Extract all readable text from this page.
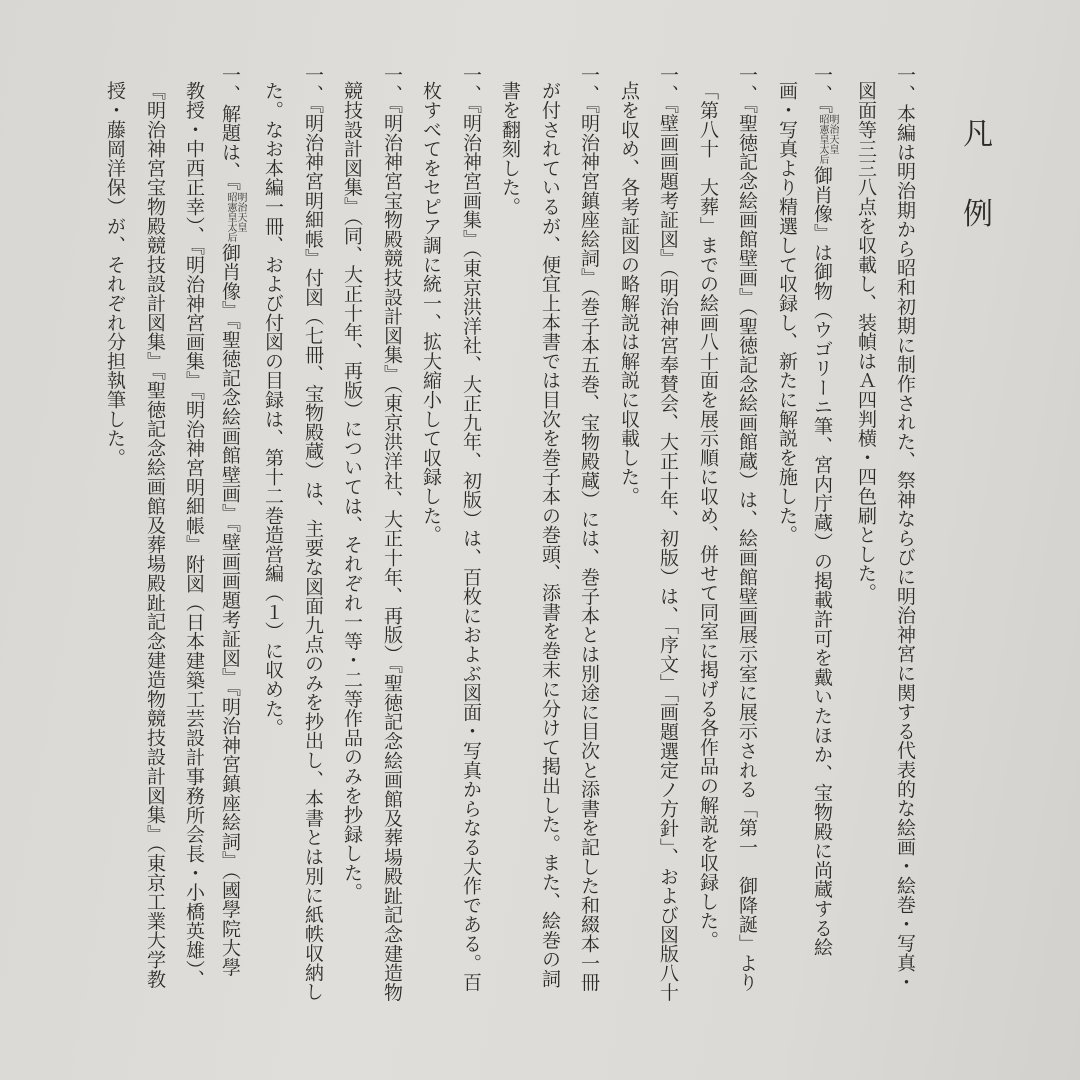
凡
例
一、本編は明治期から昭和初期に制作された、祭神ならびに明治神宮に関する代表的な絵画・絵巻・写真・
図面等三三八点を収載し、装幀はＡ四判横・四色刷とした。
一、『
明治天皇
昭憲皇太后
御肖像』は御物（ウゴリーニ筆、宮内庁蔵）の掲載許可を戴いたほか、宝物殿に尚蔵する絵
画・写真より精選して収録し、新たに解説を施した。
一、『聖徳記念絵画館壁画』（聖徳記念絵画館蔵）は、絵画館壁画展示室に展示される「第一　御降誕」より
「第八十　大葬」までの絵画八十面を展示順に収め、併せて同室に掲げる各作品の解説を収録した。
一、『壁画画題考証図』（明治神宮奉賛会、大正十年、初版）は、「序文」「画題選定ノ方針」、および図版八十
点を収め、各考証図の略解説は解説に収載した。
一、『明治神宮鎮座絵詞』（巻子本五巻、宝物殿蔵）には、巻子本とは別途に目次と添書を記した和綴本一冊
が付されているが、便宜上本書では目次を巻子本の巻頭、添書を巻末に分けて掲出した。また、絵巻の詞
書を翻刻した。
一、『明治神宮画集』（東京洪洋社、大正九年、初版）は、百枚におよぶ図面・写真からなる大作である。百
枚すべてをセピア調に統一、拡大縮小して収録した。
一、『明治神宮宝物殿競技設計図集』（東京洪洋社、大正十年、再版）『聖徳記念絵画館及葬場殿趾記念建造物
競技設計図集』（同、大正十年、再版）については、それぞれ一等・二等作品のみを抄録した。
一、『明治神宮明細帳』付図（七冊、宝物殿蔵）は、主要な図面九点のみを抄出し、本書とは別に紙帙収納し
た。なお本編一冊、および付図の目録は、第十二巻造営編（１）に収めた。
一、解題は、『
明治天皇
昭憲皇太后
御肖像』『聖徳記念絵画館壁画』『壁画画題考証図』『明治神宮鎮座絵詞』（國學院大學
教授・中西正幸）、『明治神宮画集』『明治神宮明細帳』附図（日本建築工芸設計事務所会長・小橋英雄）、
『明治神宮宝物殿競技設計図集』『聖徳記念絵画館及葬場殿趾記念建造物競技設計図集』（東京工業大学教
授・藤岡洋保）が、それぞれ分担執筆した。
